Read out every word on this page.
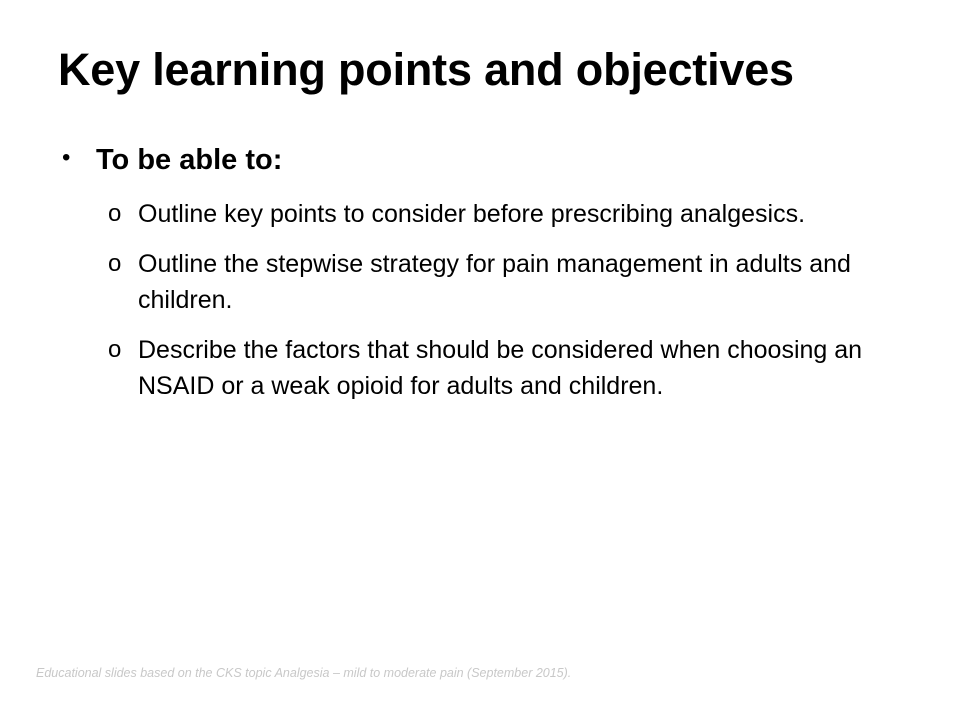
Key learning points and objectives
• To be able to:
o Outline key points to consider before prescribing analgesics.
o Outline the stepwise strategy for pain management in adults and children.
o Describe the factors that should be considered when choosing an NSAID or a weak opioid for adults and children.
Educational slides based on the CKS topic Analgesia – mild to moderate pain (September 2015).
